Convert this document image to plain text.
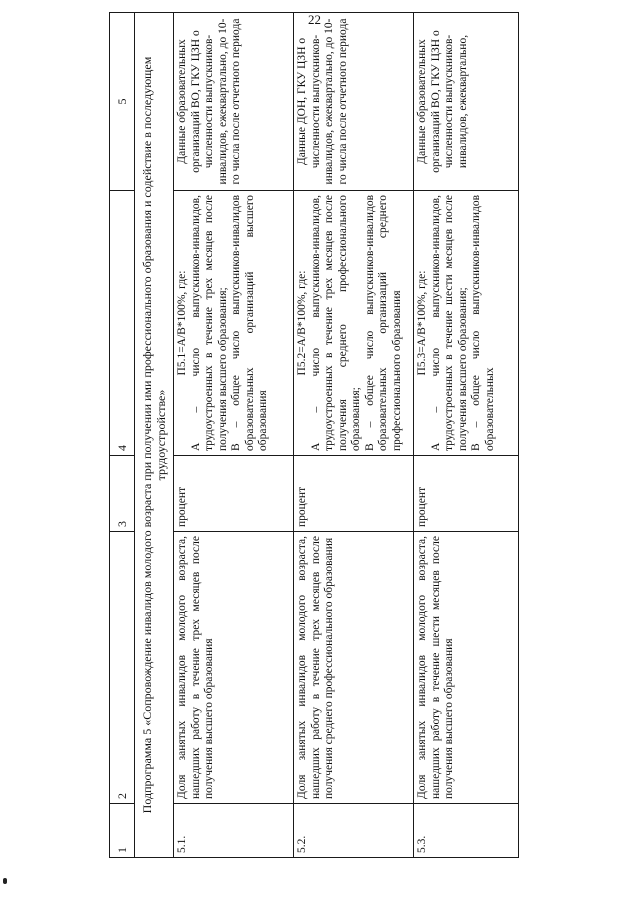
22
1	2	3	4	5
Подпрограмма 5 «Сопровождение инвалидов молодого возраста при получении ими профессионального образования и содействие в последующем трудоустройстве»				
5.1.	Доля занятых инвалидов молодого возраста, нашедших работу в течение трех месяцев после получения высшего образования	процент	П5.1=А/В*100%, где: А – число выпускников-инвалидов, трудоустроенных в течение трех месяцев после получения высшего образования; В – общее число выпускников-инвалидов образовательных организаций высшего образования	Данные образовательных организаций ВО, ГКУ ЦЗН о численности выпускников-инвалидов, ежеквартально, до 10-го числа после отчетного периода
5.2.	Доля занятых инвалидов молодого возраста, нашедших работу в течение трех месяцев после получения среднего профессионального образования	процент	П5.2=А/В*100%, где: А – число выпускников-инвалидов, трудоустроенных в течение трех месяцев после получения среднего профессионального образования; В – общее число выпускников-инвалидов образовательных организаций среднего профессионального образования	Данные ДОН, ГКУ ЦЗН о численности выпускников-инвалидов, ежеквартально, до 10-го числа после отчетного периода
5.3.	Доля занятых инвалидов молодого возраста, нашедших работу в течение шести месяцев после получения высшего образования	процент	П5.3=А/В*100%, где: А – число выпускников-инвалидов, трудоустроенных в течение шести месяцев после получения высшего образования; В – общее число выпускников-инвалидов образовательных	Данные образовательных организаций ВО, ГКУ ЦЗН о численности выпускников-инвалидов, ежеквартально,
